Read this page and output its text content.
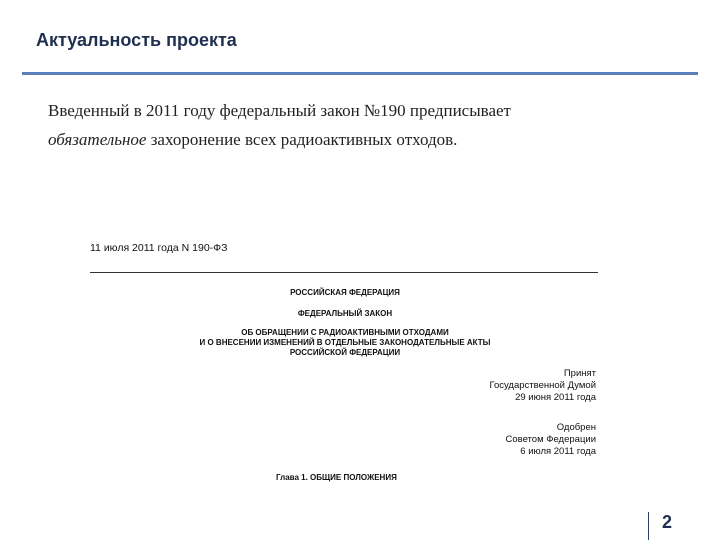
Актуальность проекта
Введенный в 2011 году федеральный закон №190 предписывает
обязательное захоронение всех радиоактивных отходов.
11 июля 2011 года N 190-ФЗ
РОССИЙСКАЯ ФЕДЕРАЦИЯ
ФЕДЕРАЛЬНЫЙ ЗАКОН
ОБ ОБРАЩЕНИИ С РАДИОАКТИВНЫМИ ОТХОДАМИ
И О ВНЕСЕНИИ ИЗМЕНЕНИЙ В ОТДЕЛЬНЫЕ ЗАКОНОДАТЕЛЬНЫЕ АКТЫ
РОССИЙСКОЙ ФЕДЕРАЦИИ
Принят
Государственной Думой
29 июня 2011 года
Одобрен
Советом Федерации
6 июля 2011 года
Глава 1. ОБЩИЕ ПОЛОЖЕНИЯ
2
